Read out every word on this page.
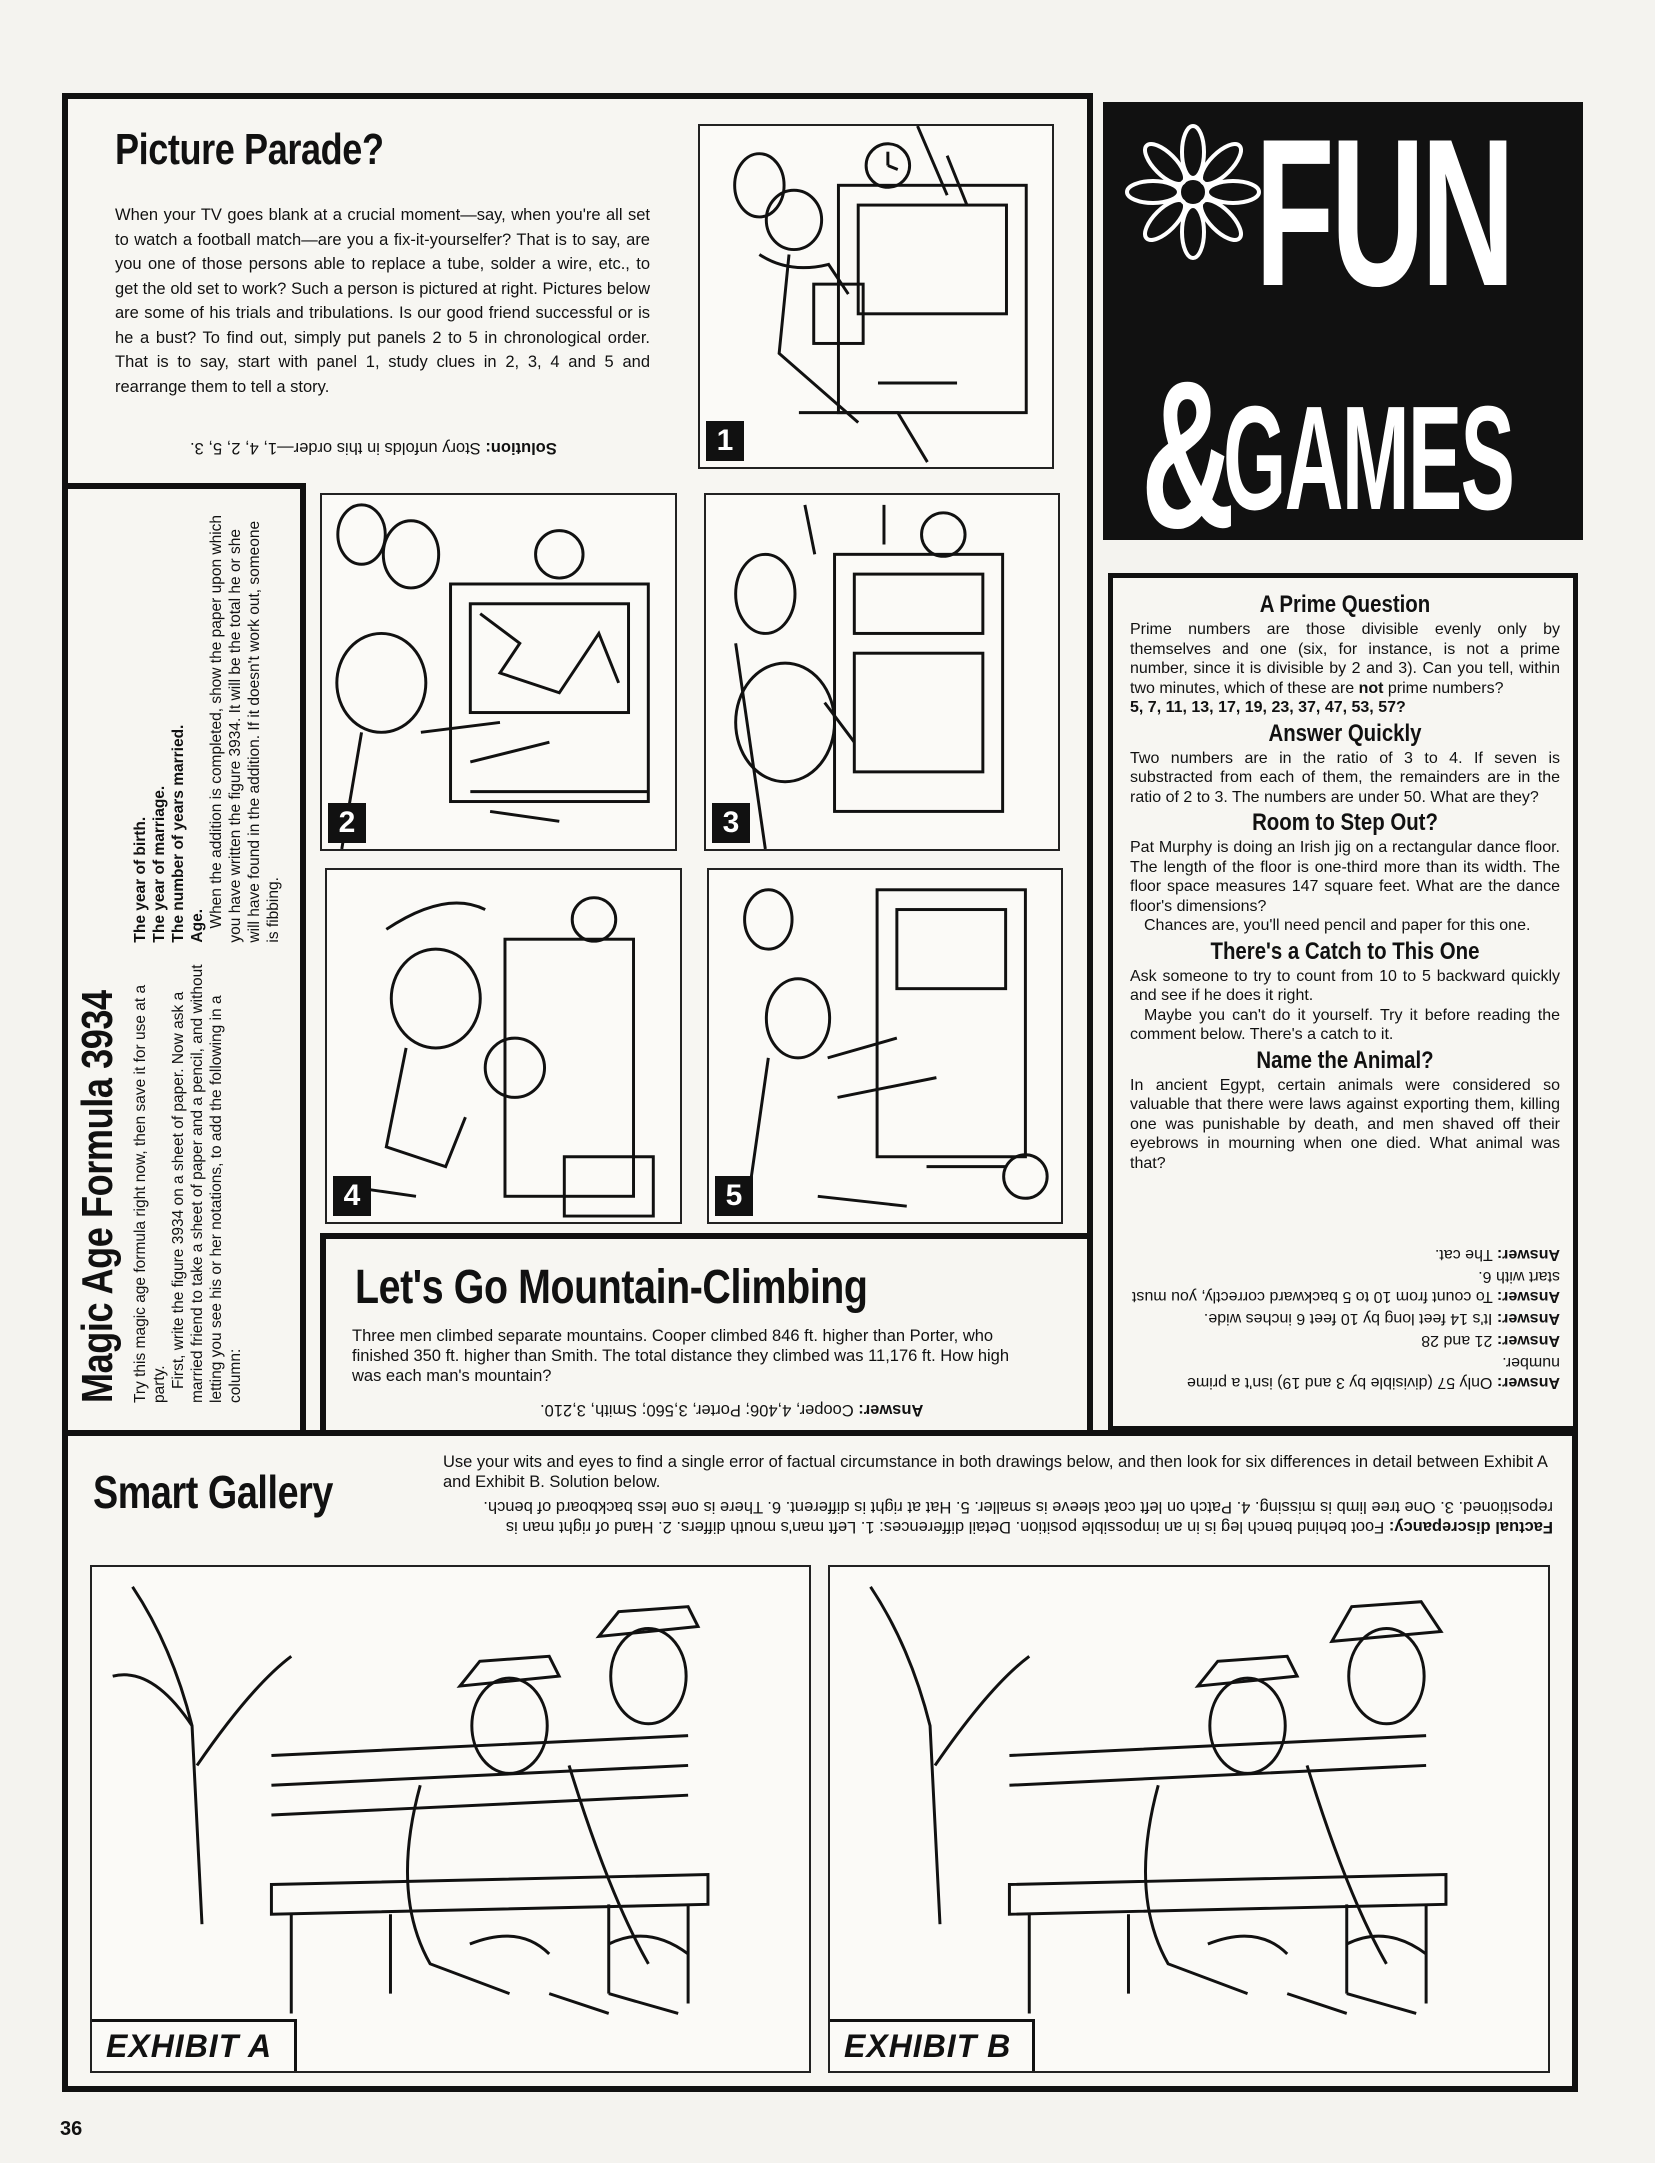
Picture Parade?
When your TV goes blank at a crucial moment—say, when you're all set to watch a football match—are you a fix-it-yourselfer? That is to say, are you one of those persons able to replace a tube, solder a wire, etc., to get the old set to work? Such a person is pictured at right. Pictures below are some of his trials and tribulations. Is our good friend successful or is he a bust? To find out, simply put panels 2 to 5 in chronological order. That is to say, start with panel 1, study clues in 2, 3, 4 and 5 and rearrange them to tell a story.
Solution: Story unfolds in this order—1, 4, 2, 5, 3.	1
2	3
4	5
Magic Age Formula 3934 Try this magic age formula right now, then save it for use at a party. First, write the figure 3934 on a sheet of paper. Now ask a married friend to take a sheet of paper and a pencil, and without letting you see his or her notations, to add the following in a column:

The year of birth. The year of marriage. The number of years married. Age. When the addition is completed, show the paper upon which you have written the figure 3934. It will be the total he or she will have found in the addition. If it doesn't work out, someone is fibbing.

Let's Go Mountain-Climbing
Three men climbed separate mountains. Cooper climbed 846 ft. higher than Porter, who finished 350 ft. higher than Smith. The total distance they climbed was 11,176 ft. How high was each man's mountain?
Answer: Cooper, 4,406; Porter, 3,560; Smith, 3,210.
FUN
&
GAMES
A Prime Question
Prime numbers are those divisible evenly only by themselves and one (six, for instance, is not a prime number, since it is divisible by 2 and 3). Can you tell, within two minutes, which of these are not prime numbers?
5, 7, 11, 13, 17, 19, 23, 37, 47, 53, 57?
Answer Quickly
Two numbers are in the ratio of 3 to 4. If seven is substracted from each of them, the remainders are in the ratio of 2 to 3. The numbers are under 50. What are they?
Room to Step Out?
Pat Murphy is doing an Irish jig on a rectangular dance floor. The length of the floor is one-third more than its width. The floor space measures 147 square feet. What are the dance floor's dimensions?
Chances are, you'll need pencil and paper for this one.
There's a Catch to This One
Ask someone to try to count from 10 to 5 backward quickly and see if he does it right.
Maybe you can't do it yourself. Try it before reading the comment below. There's a catch to it.
Name the Animal?
In ancient Egypt, certain animals were considered so valuable that there were laws against exporting them, killing one was punishable by death, and men shaved off their eyebrows in mourning when one died. What animal was that?

Answer: Only 57 (divisible by 3 and 19) isn't a prime number.

Answer: 21 and 28

Answer: It's 14 feet long by 10 feet 6 inches wide.

Answer: To count from 10 to 5 backward correctly, you must start with 6.

Answer: The cat.

Smart Gallery
Use your wits and eyes to find a single error of factual circumstance in both drawings below, and then look for six differences in detail between Exhibit A and Exhibit B. Solution below.
Factual discrepancy: Foot behind bench leg is in an impossible position. Detail differences: 1. Left man's mouth differs. 2. Hand of right man is repositioned. 3. One tree limb is missing. 4. Patch on left coat sleeve is smaller. 5. Hat at right is different. 6. There is one less backboard of bench.
EXHIBIT A	EXHIBIT B
36
